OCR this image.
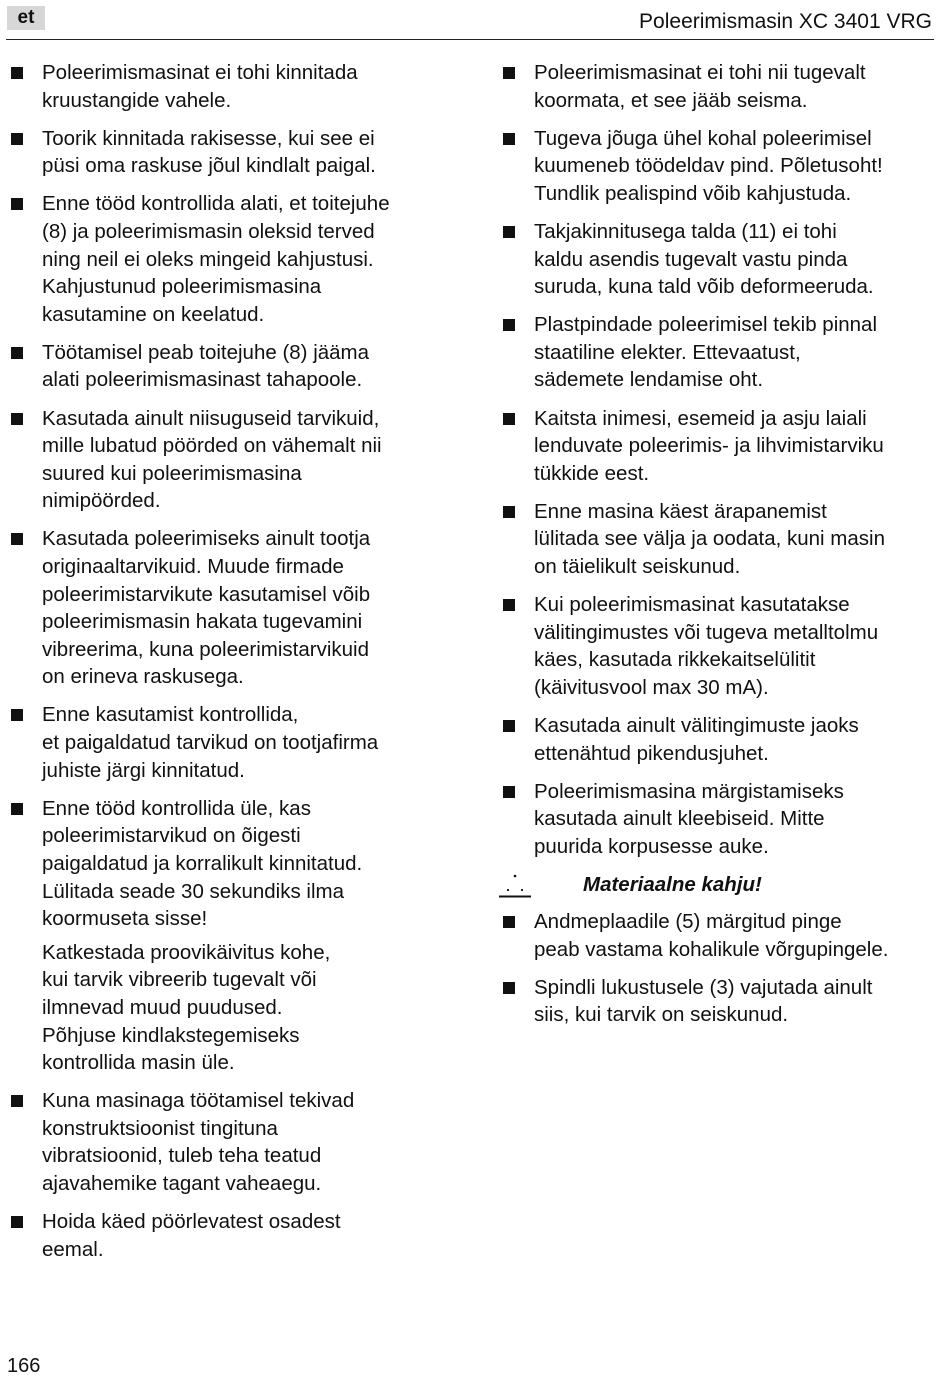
et	Poleerimismasin XC 3401 VRG

Poleerimismasinat ei tohi kinnitada
kruustangide vahele.

Toorik kinnitada rakisesse, kui see ei
püsi oma raskuse jõul kindlalt paigal.

Enne tööd kontrollida alati, et toitejuhe
(8) ja poleerimismasin oleksid terved
ning neil ei oleks mingeid kahjustusi.
Kahjustunud poleerimismasina
kasutamine on keelatud.

Töötamisel peab toitejuhe (8) jääma
alati poleerimismasinast tahapoole.

Kasutada ainult niisuguseid tarvikuid,
mille lubatud pöörded on vähemalt nii
suured kui poleerimismasina
nimipöörded.

Kasutada poleerimiseks ainult tootja
originaaltarvikuid. Muude firmade
poleerimistarvikute kasutamisel võib
poleerimismasin hakata tugevamini
vibreerima, kuna poleerimistarvikuid
on erineva raskusega.

Enne kasutamist kontrollida,
et paigaldatud tarvikud on tootjafirma
juhiste järgi kinnitatud.

Enne tööd kontrollida üle, kas
poleerimistarvikud on õigesti
paigaldatud ja korralikult kinnitatud.
Lülitada seade 30 sekundiks ilma
koormuseta sisse!

Katkestada proovikäivitus kohe,
kui tarvik vibreerib tugevalt või
ilmnevad muud puudused.
Põhjuse kindlakstegemiseks
kontrollida masin üle.

Kuna masinaga töötamisel tekivad
konstruktsioonist tingituna
vibratsioonid, tuleb teha teatud
ajavahemike tagant vaheaegu.

Hoida käed pöörlevatest osadest
eemal.

Poleerimismasinat ei tohi nii tugevalt
koormata, et see jääb seisma.

Tugeva jõuga ühel kohal poleerimisel
kuumeneb töödeldav pind. Põletusoht!
Tundlik pealispind võib kahjustuda.

Takjakinnitusega talda (11) ei tohi
kaldu asendis tugevalt vastu pinda
suruda, kuna tald võib deformeeruda.

Plastpindade poleerimisel tekib pinnal
staatiline elekter. Ettevaatust,
sädemete lendamise oht.

Kaitsta inimesi, esemeid ja asju laiali
lenduvate poleerimis- ja lihvimistarviku
tükkide eest.

Enne masina käest ärapanemist
lülitada see välja ja oodata, kuni masin
on täielikult seiskunud.

Kui poleerimismasinat kasutatakse
välitingimustes või tugeva metalltolmu
käes, kasutada rikkekaitselülitit
(käivitusvool max 30 mA).

Kasutada ainult välitingimuste jaoks
ettenähtud pikendusjuhet.

Poleerimismasina märgistamiseks
kasutada ainult kleebiseid. Mitte
puurida korpusesse auke.

Materiaalne kahju!

Andmeplaadile (5) märgitud pinge
peab vastama kohalikule võrgupingele.

Spindli lukustusele (3) vajutada ainult
siis, kui tarvik on seiskunud.

166
